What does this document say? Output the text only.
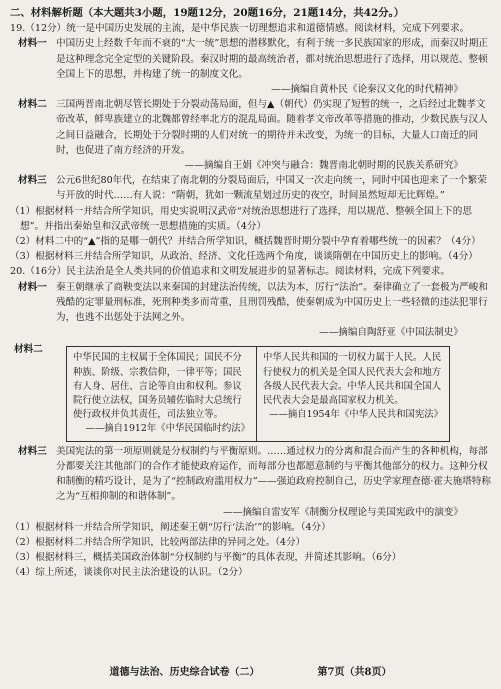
二、材料解析题（本大题共3小题，19题12分，20题16分，21题14分，共42分。）

19.（12分）统一是中国历史发展的主流，是中华民族一切理想追求和道德情感。阅读材料，完成下列要求。

材料一 中国历史上经数千年而不衰的“大一统”思想的潜移默化，有利于统一多民族国家的形成，而秦汉时期正是这种理念完全定型的关键阶段。秦汉时期的最高统治者，都对统治思想进行了选择，用以规范、整顿全国上下的思想，并构建了统一的制度文化。

——摘编自黄朴民《论秦汉文化的时代精神》

材料二 三国两晋南北朝尽管长期处于分裂动荡局面，但与▲（朝代）仍实现了短暂的统一，之后经过北魏孝文帝改革，鲜卑族建立的北魏都曾经率北方的混乱局面。随着孝文帝改革等措施的推动，少数民族与汉人之间日益融合，长期处于分裂时期的人们对统一的期待并未改变，为统一的目标，大量人口南迁的同时，也促进了南方经济的开发。

——摘编自王娟《冲突与融合：魏晋南北朝时期的民族关系研究》

材料三 公元6世纪80年代，在结束了南北朝的分裂局面后，中国又一次走向统一，同时中国也迎来了一个繁荣与开放的时代……有人说：“隋朝，犹如一颗流星划过历史的夜空，时间虽然短却无比辉煌。”

（1）根据材料一并结合所学知识，用史实说明汉武帝“对统治思想进行了选择，用以规范、整顿全国上下的思想”。并指出秦始皇和汉武帝统一思想措施的实质。（4分）

（2）材料二中的“▲”指的是哪一朝代？并结合所学知识，概括魏晋时期分裂中孕育着哪些统一的因素？（4分）

（3）根据材料三并结合所学知识，从政治、经济、文化任选两个角度，谈谈隋朝在中国历史上的影响。（4分）

20.（16分）民主法治是全人类共同的价值追求和文明发展进步的显著标志。阅读材料，完成下列要求。

材料一 秦王朝继承了商鞅变法以来秦国的封建法治传统，以法为本，厉行“法治”。秦律确立了一套极为严峻和残酷的定罪量刑标准，死刑种类多而苛重，且刑罚残酷，使秦朝成为中国历史上一些轻微的违法犯罪行为，也逃不出惩处于法网之外。

——摘编自陶舒亚《中国法制史》

材料二
中华民国的主权属于全体国民；国民不分种族、阶级、宗教信仰，一律平等；国民有人身、居住、言论等自由和权利。参议院行使立法权，国务员辅佐临时大总统行使行政权并负其责任，司法独立等。
——摘自1912年《中华民国临时约法》
中华人民共和国的一切权力属于人民。人民行使权力的机关是全国人民代表大会和地方各级人民代表大会。中华人民共和国全国人民代表大会是最高国家权力机关。
——摘自1954年《中华人民共和国宪法》
材料三 美国宪法的第一项原则就是分权制约与平衡原则。……通过权力的分离和混合而产生的各种机构，每部分都要关注其他部门的合作才能使政府运作，而每部分也都愿意制约与平衡其他部分的权力。这种分权和制衡的精巧设计，是为了“控制政府滥用权力”——强迫政府控制自己，历史学家理查德·霍夫施塔特称之为“互相抑制的和谐体制”。

——摘编自雷安军《制衡分权理论与美国宪政中的演变》

（1）根据材料一并结合所学知识，阐述秦王朝“厉行‘法治’”的影响。（4分）

（2）根据材料二并结合所学知识，比较两部法律的异同之处。（4分）

（3）根据材料三，概括美国政治体制“分权制约与平衡”的具体表现，并简述其影响。（6分）

（4）综上所述，谈谈你对民主法治建设的认识。（2分）

道德与法治、历史综合试卷（二）	第7页（共8页）
